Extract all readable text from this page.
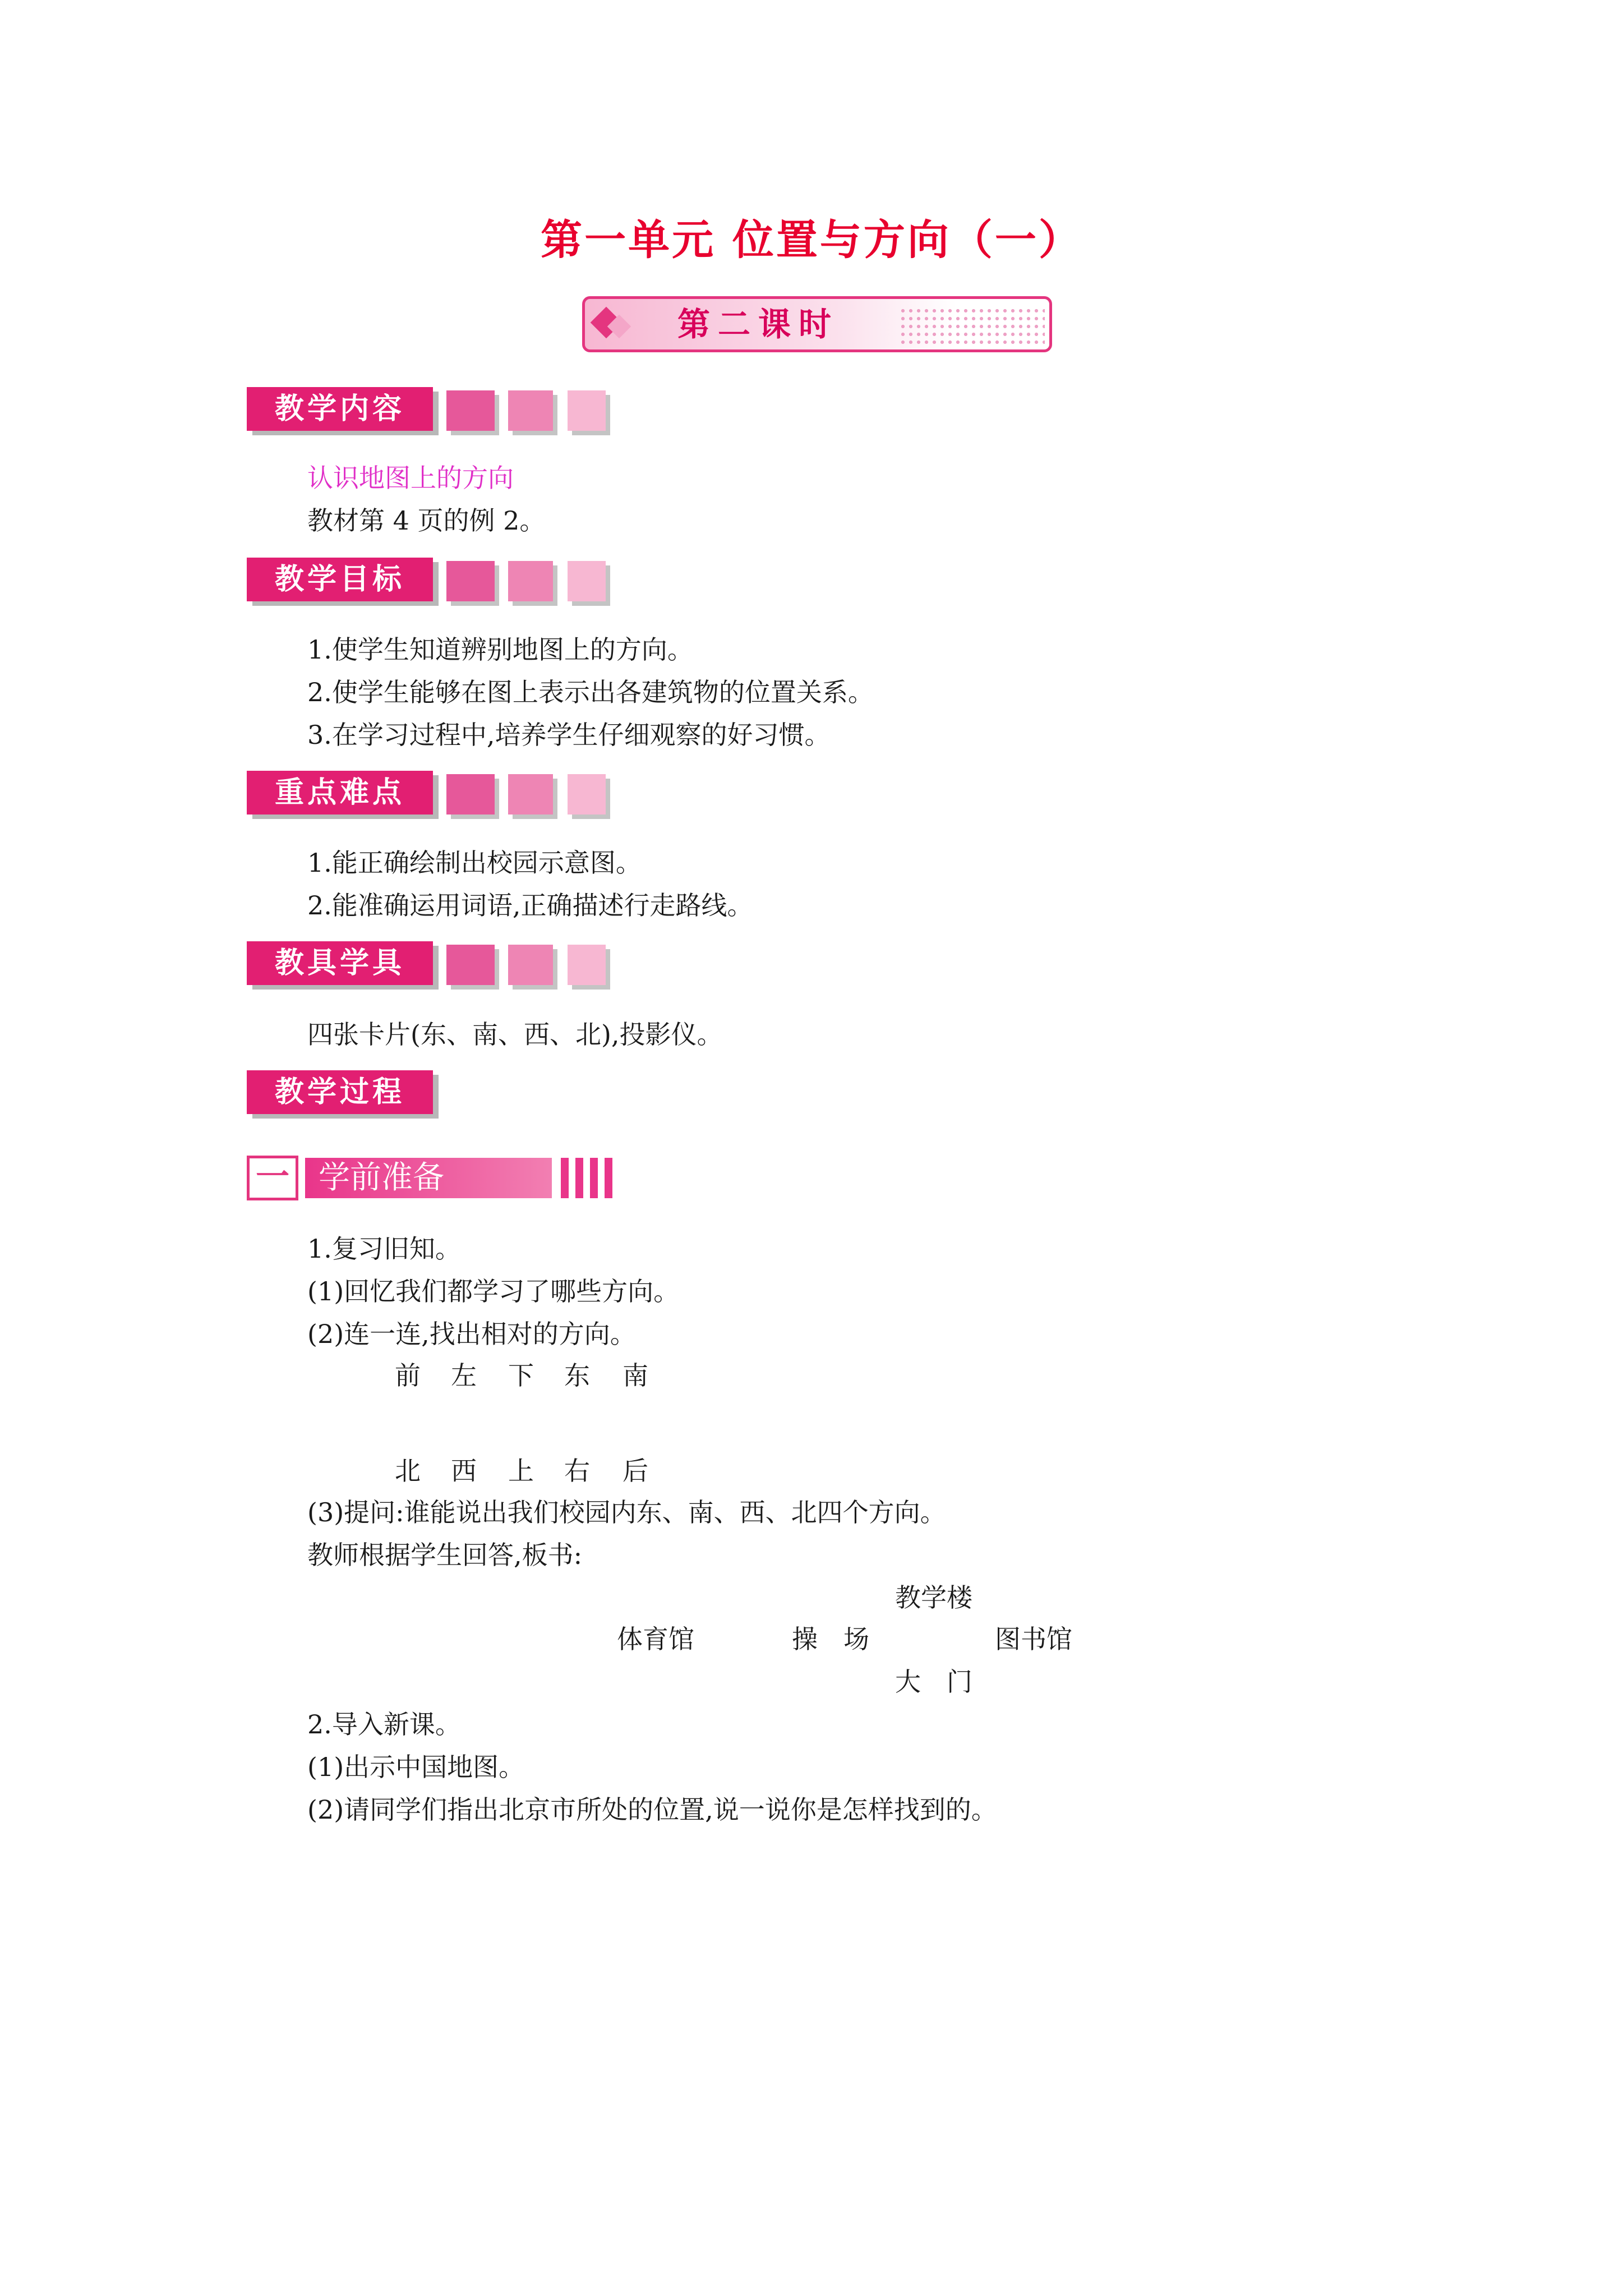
第一单元 位置与方向（一）
第二课时
教学内容
认识地图上的方向
教材第 4 页的例 2。
教学目标
1.使学生知道辨别地图上的方向。
2.使学生能够在图上表示出各建筑物的位置关系。
3.在学习过程中,培养学生仔细观察的好习惯。
重点难点
1.能正确绘制出校园示意图。
2.能准确运用词语,正确描述行走路线。
教具学具
四张卡片(东、南、西、北),投影仪。
教学过程
一 学前准备
1.复习旧知。
(1)回忆我们都学习了哪些方向。
(2)连一连,找出相对的方向。
前 左 下 东 南
北 西 上 右 后
(3)提问:谁能说出我们校园内东、南、西、北四个方向。
教师根据学生回答,板书:
教学楼
体育馆	操　场	图书馆
大　门
2.导入新课。
(1)出示中国地图。
(2)请同学们指出北京市所处的位置,说一说你是怎样找到的。
